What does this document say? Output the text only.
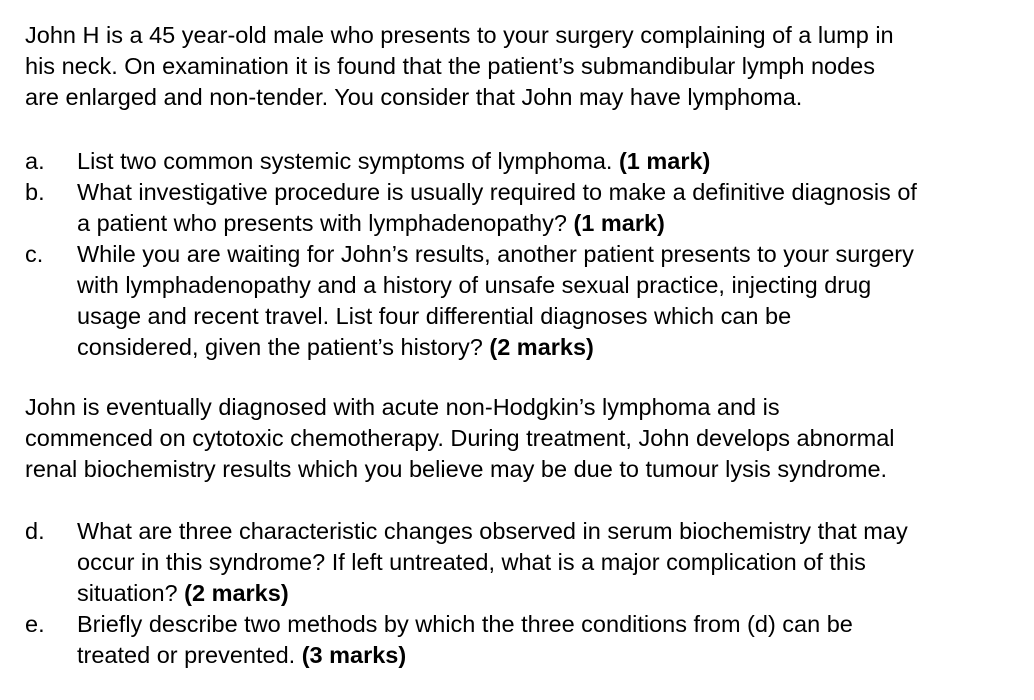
John H is a 45 year-old male who presents to your surgery complaining of a lump in
his neck. On examination it is found that the patient’s submandibular lymph nodes
are enlarged and non-tender. You consider that John may have lymphoma.

a.	List two common systemic symptoms of lymphoma. (1 mark)
b.	What investigative procedure is usually required to make a definitive diagnosis of
a patient who presents with lymphadenopathy? (1 mark)
c.	While you are waiting for John’s results, another patient presents to your surgery
with lymphadenopathy and a history of unsafe sexual practice, injecting drug
usage and recent travel. List four differential diagnoses which can be
considered, given the patient’s history? (2 marks)

John is eventually diagnosed with acute non-Hodgkin’s lymphoma and is
commenced on cytotoxic chemotherapy. During treatment, John develops abnormal
renal biochemistry results which you believe may be due to tumour lysis syndrome.

d.	What are three characteristic changes observed in serum biochemistry that may
occur in this syndrome? If left untreated, what is a major complication of this
situation? (2 marks)
e.	Briefly describe two methods by which the three conditions from (d) can be
treated or prevented. (3 marks)
